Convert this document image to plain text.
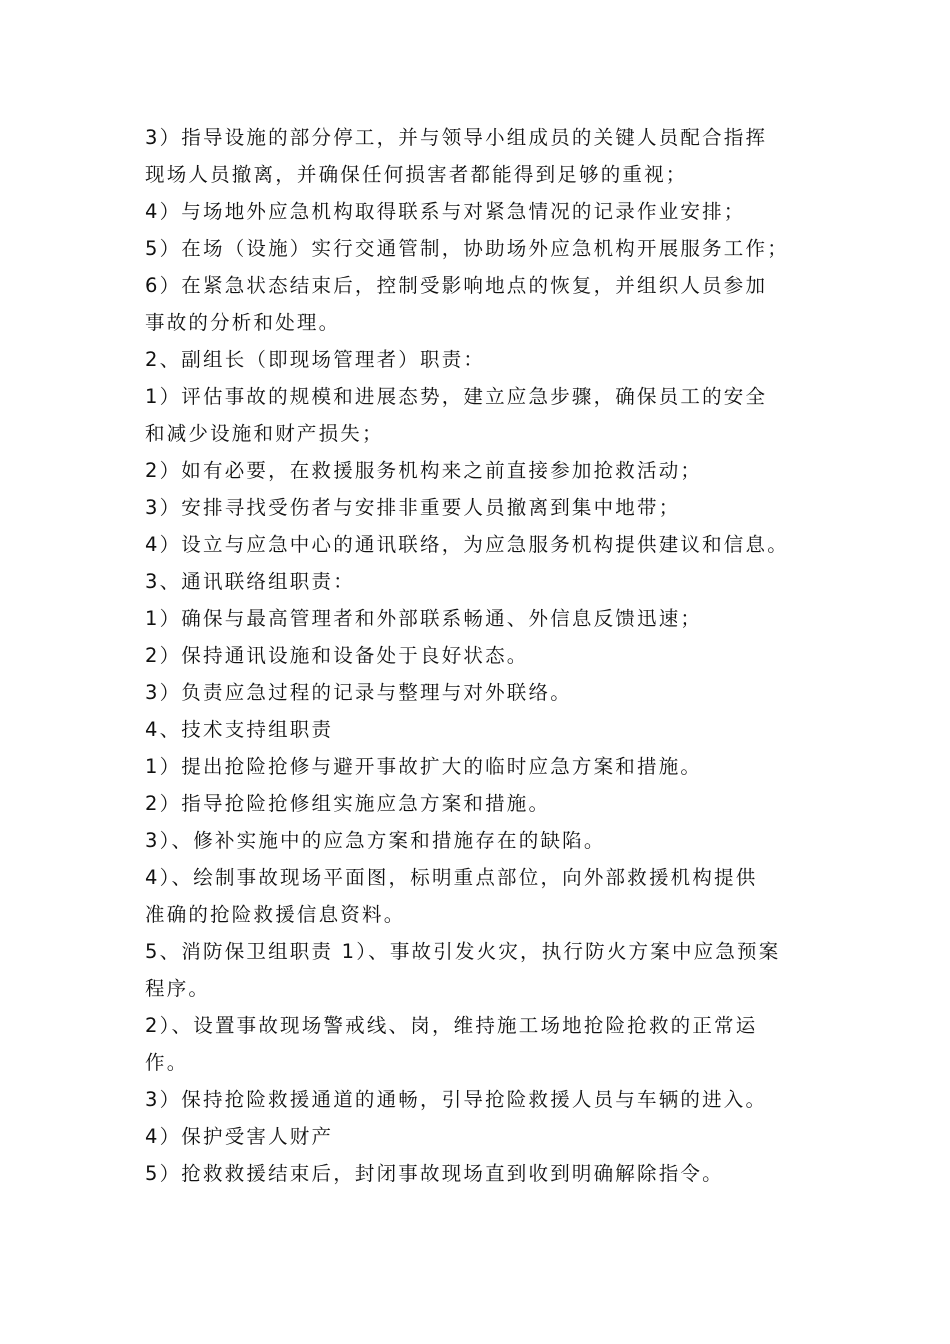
3）指导设施的部分停工，并与领导小组成员的关键人员配合指挥
现场人员撤离，并确保任何损害者都能得到足够的重视；
4）与场地外应急机构取得联系与对紧急情况的记录作业安排；
5）在场（设施）实行交通管制，协助场外应急机构开展服务工作；
6）在紧急状态结束后，控制受影响地点的恢复，并组织人员参加
事故的分析和处理。
2、副组长（即现场管理者）职责：
1）评估事故的规模和进展态势，建立应急步骤，确保员工的安全
和减少设施和财产损失；
2）如有必要，在救援服务机构来之前直接参加抢救活动；
3）安排寻找受伤者与安排非重要人员撤离到集中地带；
4）设立与应急中心的通讯联络，为应急服务机构提供建议和信息。
3、通讯联络组职责：
1）确保与最高管理者和外部联系畅通、外信息反馈迅速；
2）保持通讯设施和设备处于良好状态。
3）负责应急过程的记录与整理与对外联络。
4、技术支持组职责
1）提出抢险抢修与避开事故扩大的临时应急方案和措施。
2）指导抢险抢修组实施应急方案和措施。
3）、修补实施中的应急方案和措施存在的缺陷。
4）、绘制事故现场平面图，标明重点部位，向外部救援机构提供
准确的抢险救援信息资料。
5、消防保卫组职责 1）、事故引发火灾，执行防火方案中应急预案
程序。
2）、设置事故现场警戒线、岗，维持施工场地抢险抢救的正常运
作。
3）保持抢险救援通道的通畅，引导抢险救援人员与车辆的进入。
4）保护受害人财产
5）抢救救援结束后，封闭事故现场直到收到明确解除指令。
